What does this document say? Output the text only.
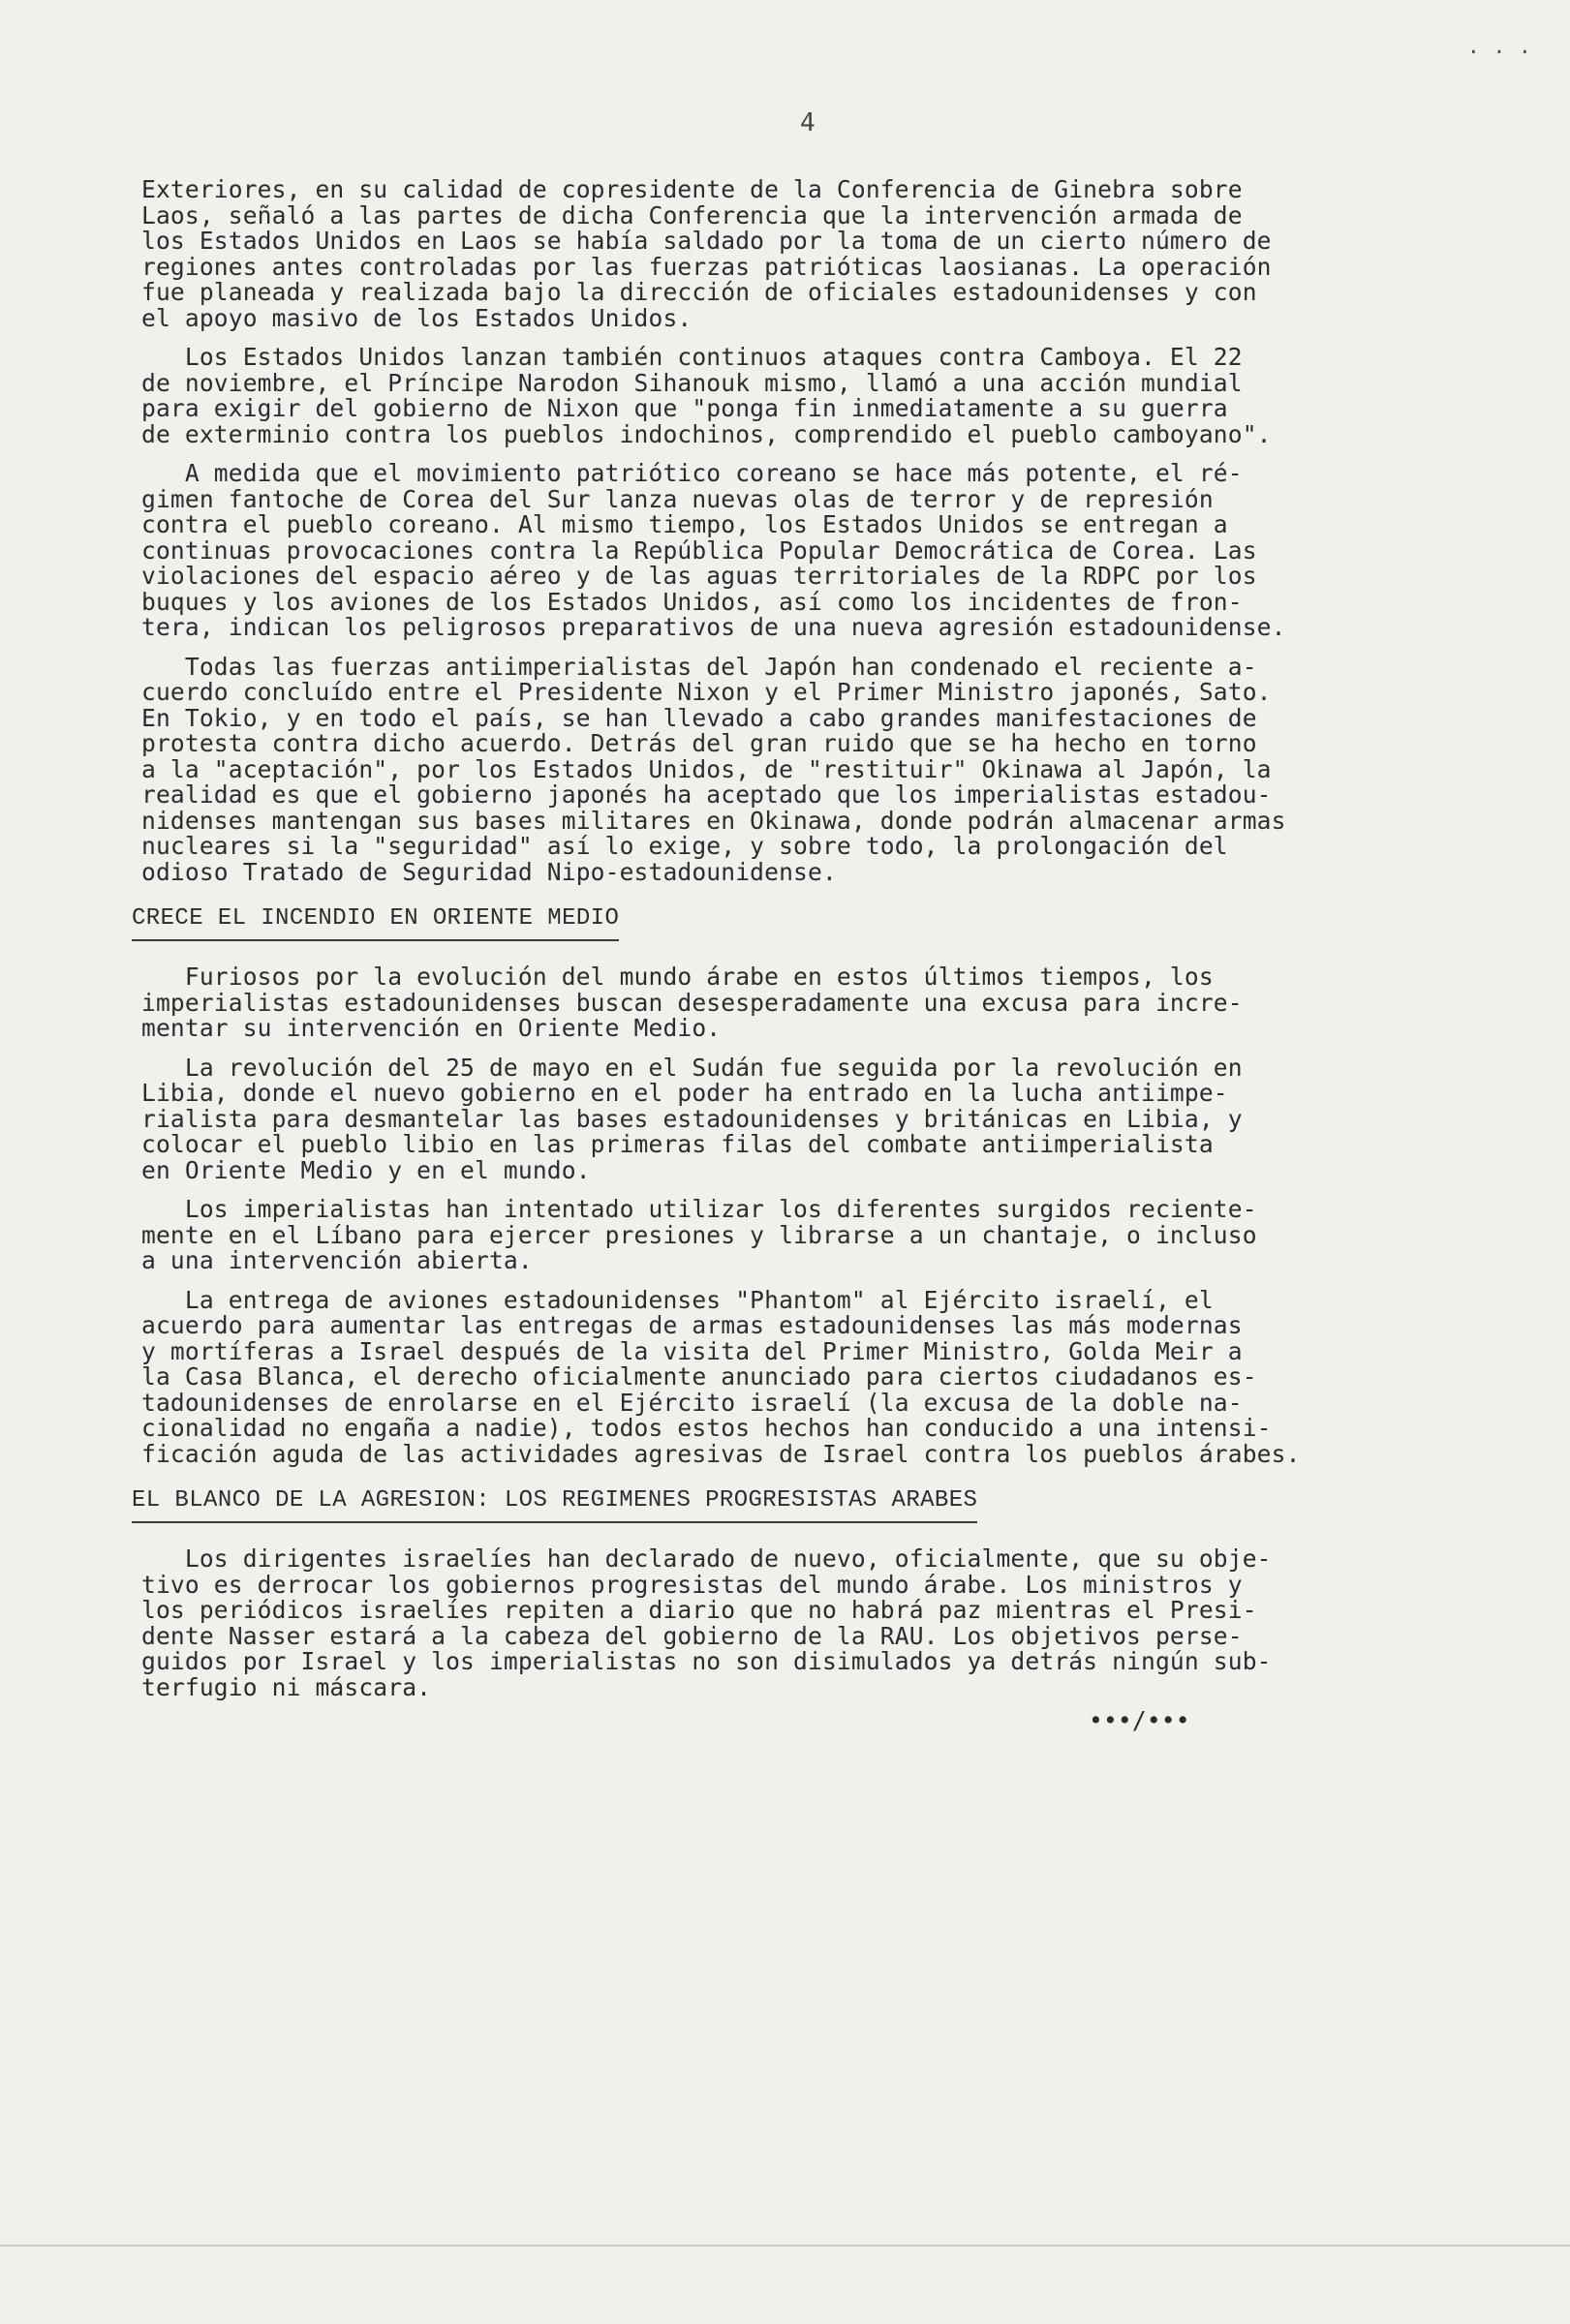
· · ·
4

Exteriores, en su calidad de copresidente de la Conferencia de Ginebra sobre
Laos, señaló a las partes de dicha Conferencia que la intervención armada de
los Estados Unidos en Laos se había saldado por la toma de un cierto número de
regiones antes controladas por las fuerzas patrióticas laosianas. La operación
fue planeada y realizada bajo la dirección de oficiales estadounidenses y con
el apoyo masivo de los Estados Unidos.

Los Estados Unidos lanzan también continuos ataques contra Camboya. El 22
de noviembre, el Príncipe Narodon Sihanouk mismo, llamó a una acción mundial
para exigir del gobierno de Nixon que "ponga fin inmediatamente a su guerra
de exterminio contra los pueblos indochinos, comprendido el pueblo camboyano".

A medida que el movimiento patriótico coreano se hace más potente, el ré-
gimen fantoche de Corea del Sur lanza nuevas olas de terror y de represión
contra el pueblo coreano. Al mismo tiempo, los Estados Unidos se entregan a
continuas provocaciones contra la República Popular Democrática de Corea. Las
violaciones del espacio aéreo y de las aguas territoriales de la RDPC por los
buques y los aviones de los Estados Unidos, así como los incidentes de fron-
tera, indican los peligrosos preparativos de una nueva agresión estadounidense.

Todas las fuerzas antiimperialistas del Japón han condenado el reciente a-
cuerdo concluído entre el Presidente Nixon y el Primer Ministro japonés, Sato.
En Tokio, y en todo el país, se han llevado a cabo grandes manifestaciones de
protesta contra dicho acuerdo. Detrás del gran ruido que se ha hecho en torno
a la "aceptación", por los Estados Unidos, de "restituir" Okinawa al Japón, la
realidad es que el gobierno japonés ha aceptado que los imperialistas estadou-
nidenses mantengan sus bases militares en Okinawa, donde podrán almacenar armas
nucleares si la "seguridad" así lo exige, y sobre todo, la prolongación del
odioso Tratado de Seguridad Nipo-estadounidense.

CRECE EL INCENDIO EN ORIENTE MEDIO

Furiosos por la evolución del mundo árabe en estos últimos tiempos, los
imperialistas estadounidenses buscan desesperadamente una excusa para incre-
mentar su intervención en Oriente Medio.

La revolución del 25 de mayo en el Sudán fue seguida por la revolución en
Libia, donde el nuevo gobierno en el poder ha entrado en la lucha antiimpe-
rialista para desmantelar las bases estadounidenses y británicas en Libia, y
colocar el pueblo libio en las primeras filas del combate antiimperialista
en Oriente Medio y en el mundo.

Los imperialistas han intentado utilizar los diferentes surgidos reciente-
mente en el Líbano para ejercer presiones y librarse a un chantaje, o incluso
a una intervención abierta.

La entrega de aviones estadounidenses "Phantom" al Ejército israelí, el
acuerdo para aumentar las entregas de armas estadounidenses las más modernas
y mortíferas a Israel después de la visita del Primer Ministro, Golda Meir a
la Casa Blanca, el derecho oficialmente anunciado para ciertos ciudadanos es-
tadounidenses de enrolarse en el Ejército israelí (la excusa de la doble na-
cionalidad no engaña a nadie), todos estos hechos han conducido a una intensi-
ficación aguda de las actividades agresivas de Israel contra los pueblos árabes.

EL BLANCO DE LA AGRESION: LOS REGIMENES PROGRESISTAS ARABES

Los dirigentes israelíes han declarado de nuevo, oficialmente, que su obje-
tivo es derrocar los gobiernos progresistas del mundo árabe. Los ministros y
los periódicos israelíes repiten a diario que no habrá paz mientras el Presi-
dente Nasser estará a la cabeza del gobierno de la RAU. Los objetivos perse-
guidos por Israel y los imperialistas no son disimulados ya detrás ningún sub-
terfugio ni máscara.

•••/•••
